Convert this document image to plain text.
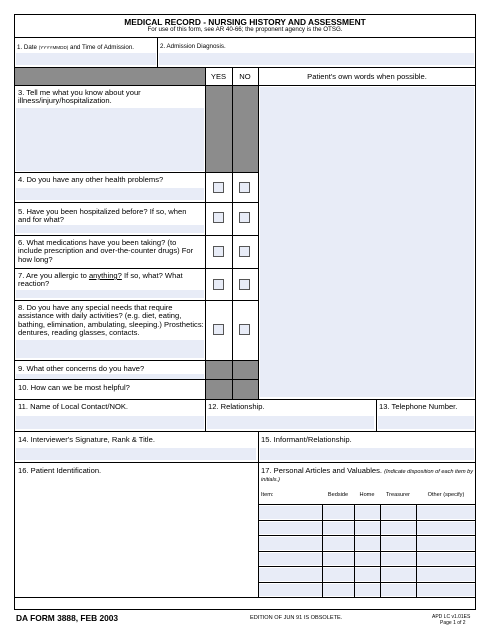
MEDICAL RECORD - NURSING HISTORY AND ASSESSMENT
For use of this form, see AR 40-66; the proponent agency is the OTSG.
1. Date (YYYYMMDD) and Time of Admission.	2. Admission Diagnosis.
YES	NO	Patient's own words when possible.
3. Tell me what you know about your illness/injury/hospitalization.
4. Do you have any other health problems?
5. Have you been hospitalized before? If so, when and for what?
6. What medications have you been taking? (to include prescription and over-the-counter drugs) For how long?
7. Are you allergic to anything? If so, what? What reaction?
8. Do you have any special needs that require assistance with daily activities? (e.g. diet, eating, bathing, elimination, ambulating, sleeping.) Prosthetics: dentures, reading glasses, contacts.
9. What other concerns do you have?
10. How can we be most helpful?
11. Name of Local Contact/NOK.	12. Relationship.	13. Telephone Number.
14. Interviewer's Signature, Rank & Title.	15. Informant/Relationship.
16. Patient Identification.	17. Personal Articles and Valuables. (Indicate disposition of each item by initials.)
Item:	Bedside	Home	Treasurer	Other (specify)
DA FORM 3888, FEB 2003	EDITION OF JUN 91 IS OBSOLETE.	APD LC v1.01ES
Page 1 of 2
